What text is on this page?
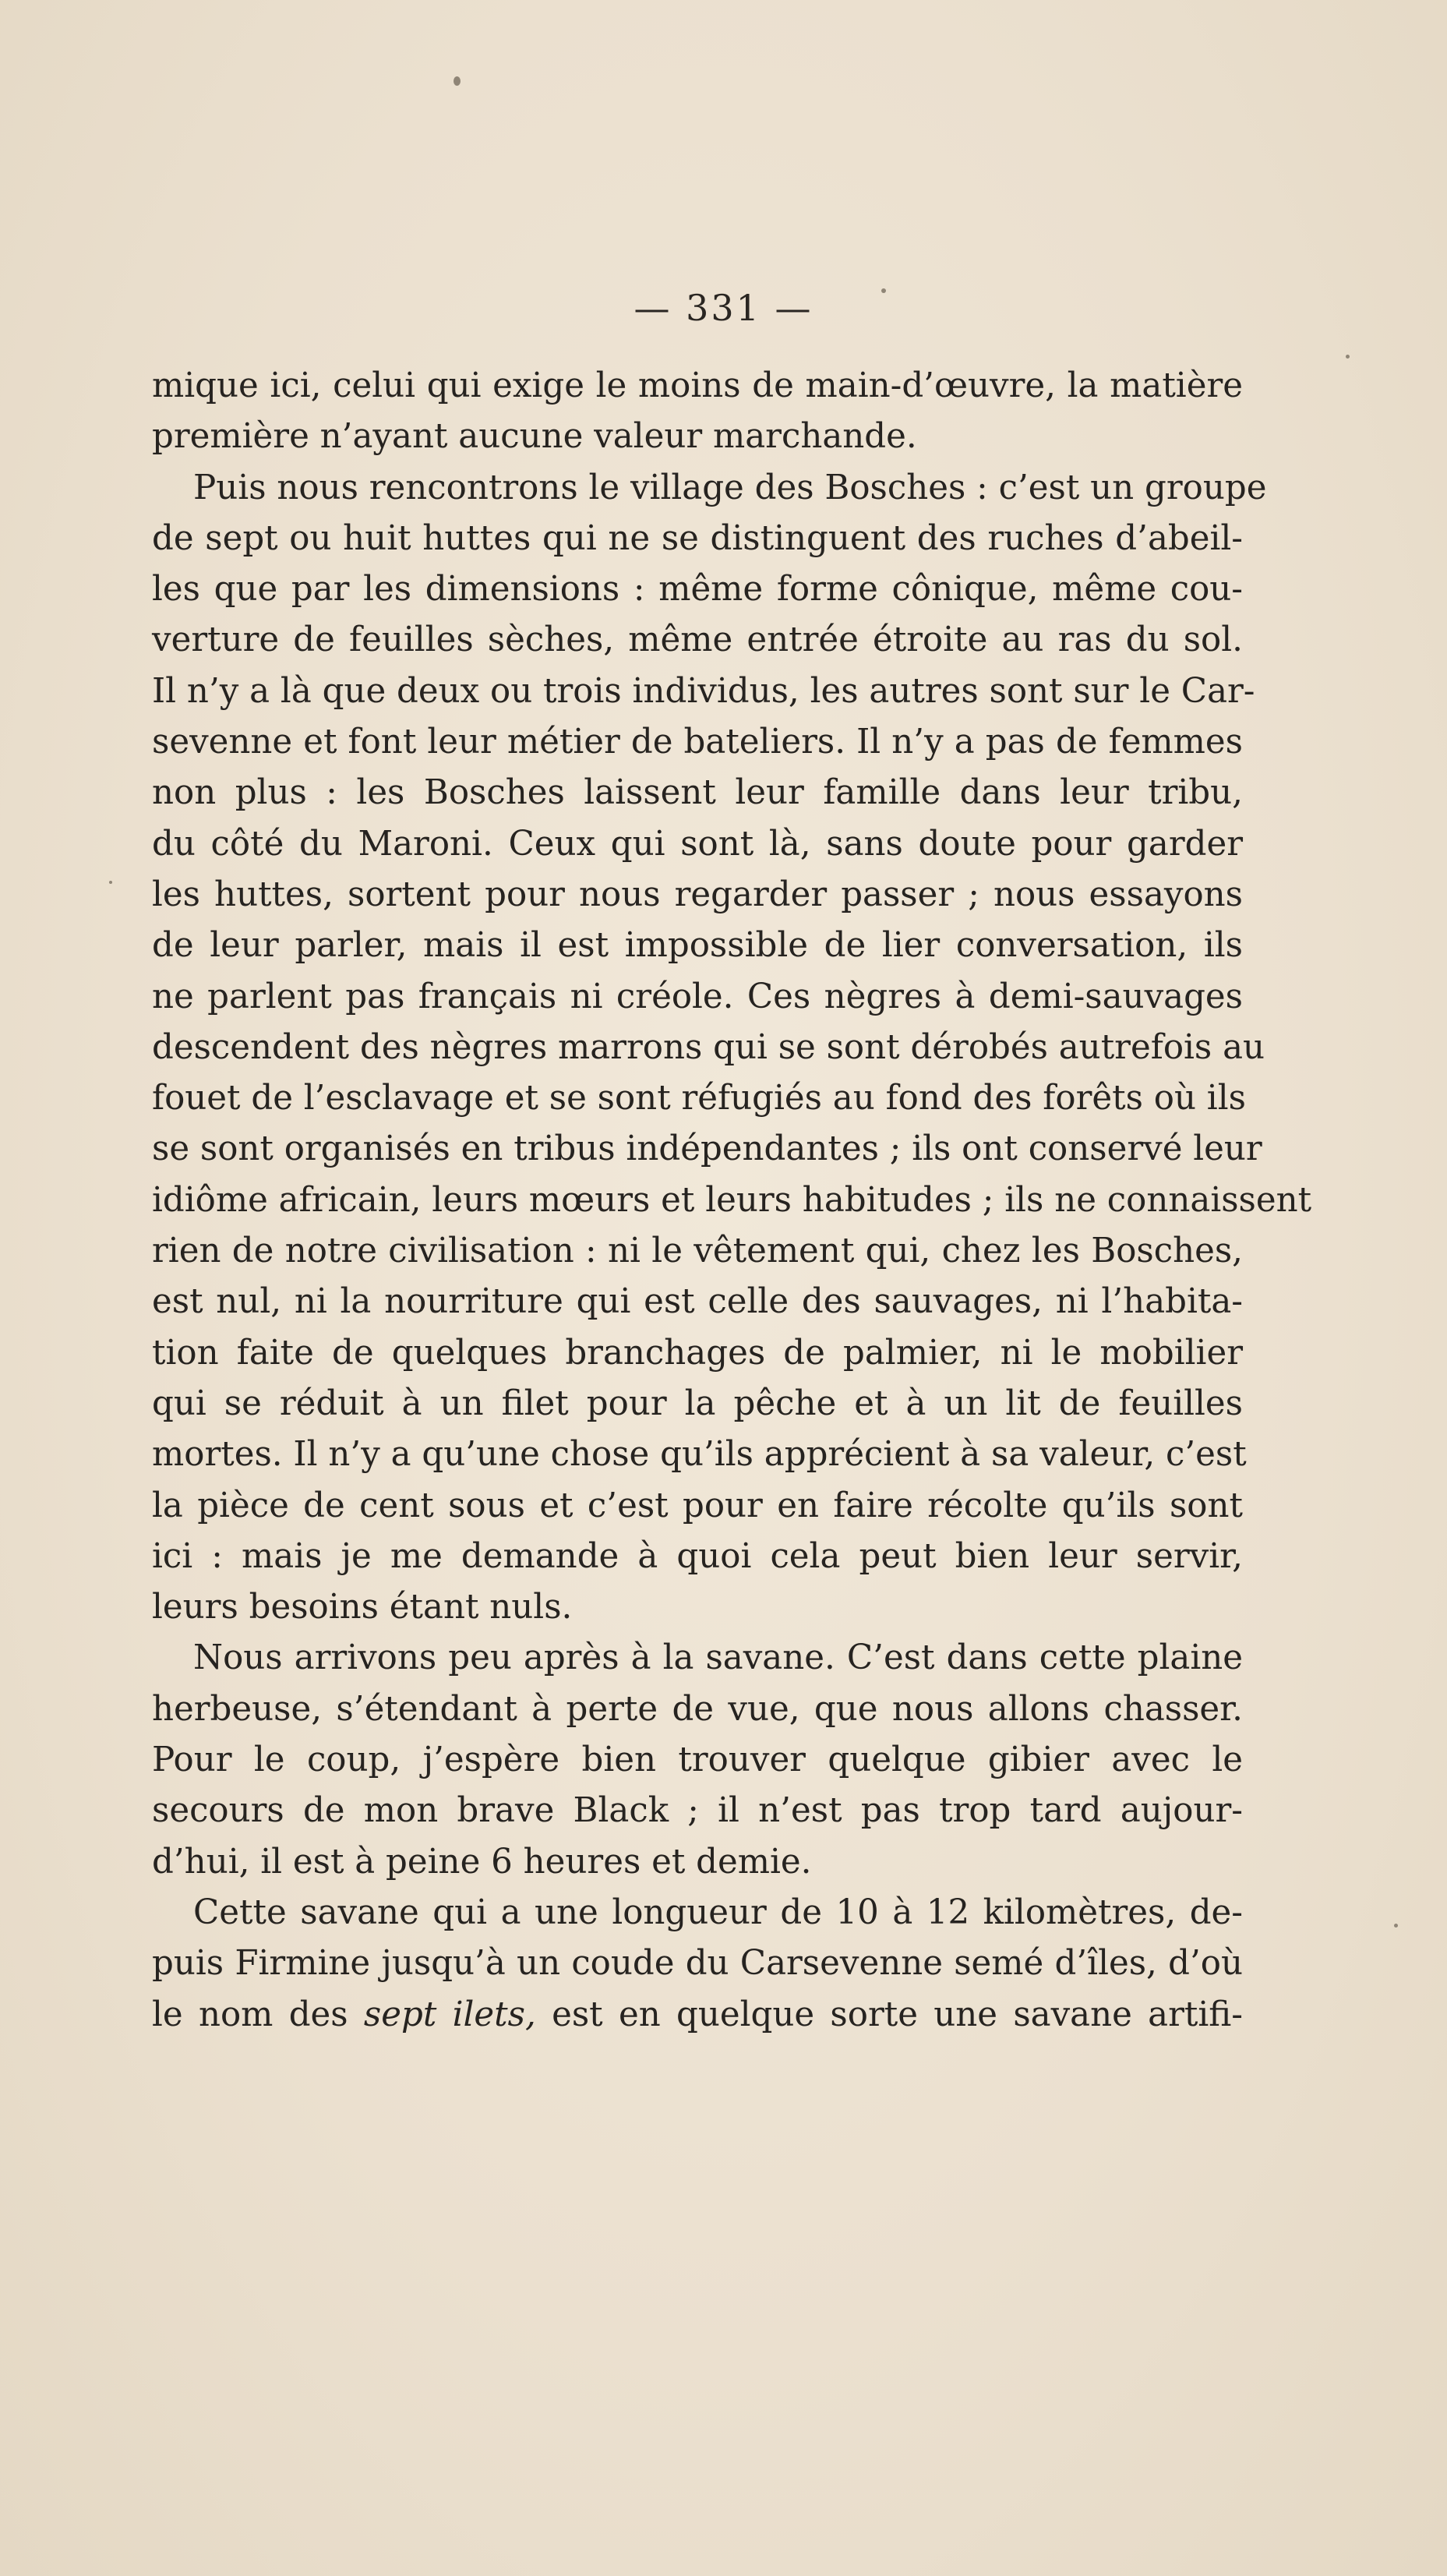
— 331 —
mique ici, celui qui exige le moins de main-d’œuvre, la matière
première n’ayant aucune valeur marchande.
Puis nous rencontrons le village des Bosches : c’est un groupe
de sept ou huit huttes qui ne se distinguent des ruches d’abeil-
les que par les dimensions : même forme cônique, même cou-
verture de feuilles sèches, même entrée étroite au ras du sol.
Il n’y a là que deux ou trois individus, les autres sont sur le Car-
sevenne et font leur métier de bateliers. Il n’y a pas de femmes
non plus : les Bosches laissent leur famille dans leur tribu,
du côté du Maroni. Ceux qui sont là, sans doute pour garder
les huttes, sortent pour nous regarder passer ; nous essayons
de leur parler, mais il est impossible de lier conversation, ils
ne parlent pas français ni créole. Ces nègres à demi-sauvages
descendent des nègres marrons qui se sont dérobés autrefois au
fouet de l’esclavage et se sont réfugiés au fond des forêts où ils
se sont organisés en tribus indépendantes ; ils ont conservé leur
idiôme africain, leurs mœurs et leurs habitudes ; ils ne connaissent
rien de notre civilisation : ni le vêtement qui, chez les Bosches,
est nul, ni la nourriture qui est celle des sauvages, ni l’habita-
tion faite de quelques branchages de palmier, ni le mobilier
qui se réduit à un filet pour la pêche et à un lit de feuilles
mortes. Il n’y a qu’une chose qu’ils apprécient à sa valeur, c’est
la pièce de cent sous et c’est pour en faire récolte qu’ils sont
ici : mais je me demande à quoi cela peut bien leur servir,
leurs besoins étant nuls.
Nous arrivons peu après à la savane. C’est dans cette plaine
herbeuse, s’étendant à perte de vue, que nous allons chasser.
Pour le coup, j’espère bien trouver quelque gibier avec le
secours de mon brave Black ; il n’est pas trop tard aujour-
d’hui, il est à peine 6 heures et demie.
Cette savane qui a une longueur de 10 à 12 kilomètres, de-
puis Firmine jusqu’à un coude du Carsevenne semé d’îles, d’où
le nom des sept ilets, est en quelque sorte une savane artifi-
